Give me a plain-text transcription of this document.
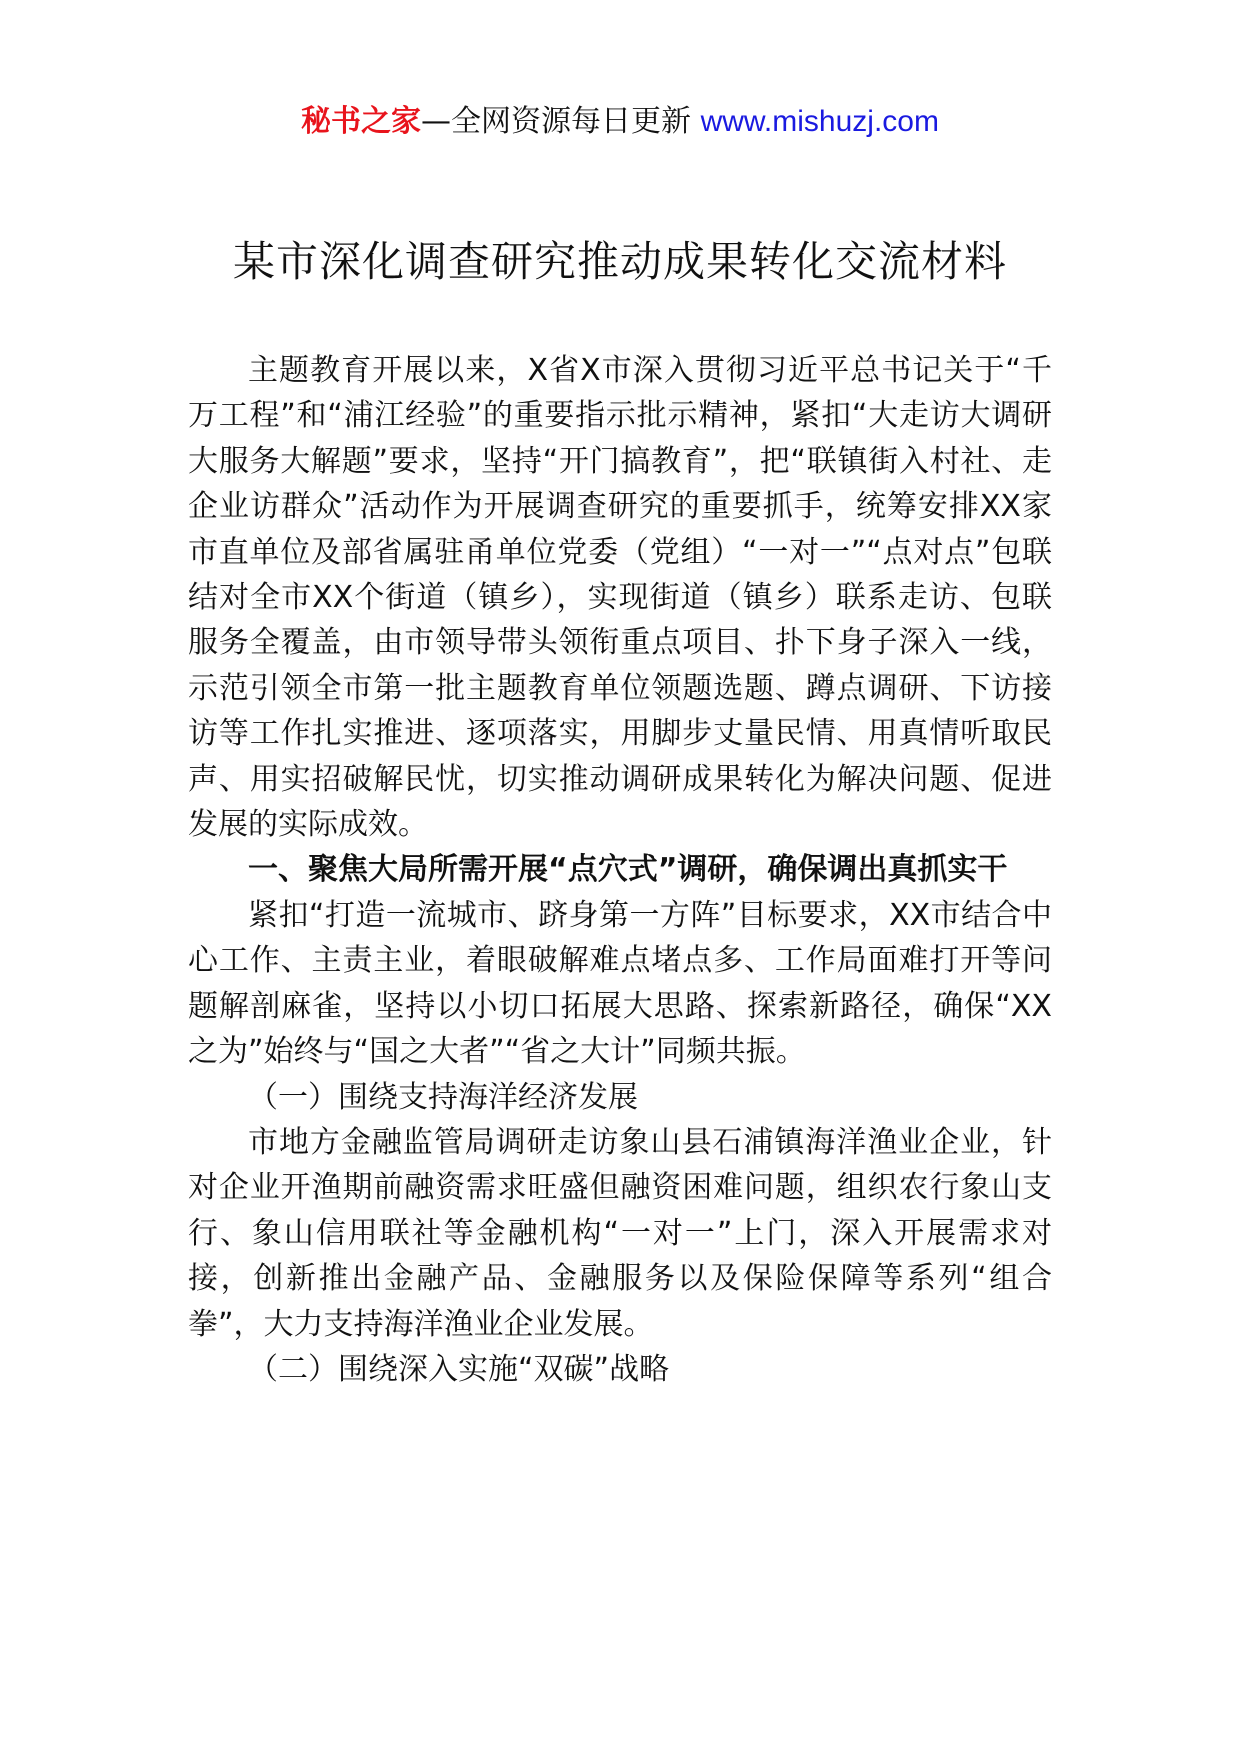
秘书之家—全网资源每日更新 www.mishuzj.com
某市深化调查研究推动成果转化交流材料

主题教育开展以来，X省X市深入贯彻习近平总书记关于“千万工程”和“浦江经验”的重要指示批示精神，紧扣“大走访大调研大服务大解题”要求，坚持“开门搞教育”，把“联镇街入村社、走企业访群众”活动作为开展调查研究的重要抓手，统筹安排XX家市直单位及部省属驻甬单位党委（党组）“一对一”“点对点”包联结对全市XX个街道（镇乡），实现街道（镇乡）联系走访、包联服务全覆盖，由市领导带头领衔重点项目、扑下身子深入一线，示范引领全市第一批主题教育单位领题选题、蹲点调研、下访接访等工作扎实推进、逐项落实，用脚步丈量民情、用真情听取民声、用实招破解民忧，切实推动调研成果转化为解决问题、促进发展的实际成效。

一、聚焦大局所需开展“点穴式”调研，确保调出真抓实干

紧扣“打造一流城市、跻身第一方阵”目标要求，XX市结合中心工作、主责主业，着眼破解难点堵点多、工作局面难打开等问题解剖麻雀，坚持以小切口拓展大思路、探索新路径，确保“XX之为”始终与“国之大者”“省之大计”同频共振。

（一）围绕支持海洋经济发展

市地方金融监管局调研走访象山县石浦镇海洋渔业企业，针对企业开渔期前融资需求旺盛但融资困难问题，组织农行象山支行、象山信用联社等金融机构“一对一”上门，深入开展需求对接，创新推出金融产品、金融服务以及保险保障等系列“组合拳”，大力支持海洋渔业企业发展。

（二）围绕深入实施“双碳”战略
